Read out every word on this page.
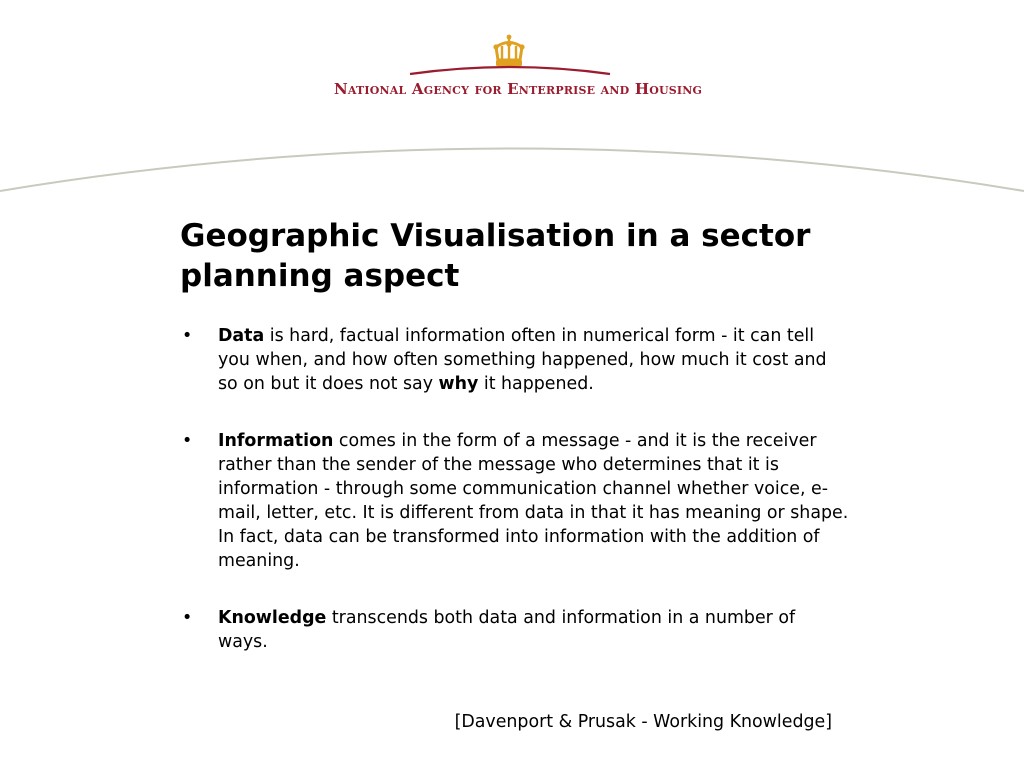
National Agency for Enterprise and Housing
Geographic Visualisation in a sector planning aspect
• Data is hard, factual information often in numerical form - it can tell you when, and how often something happened, how much it cost and so on but it does not say why it happened.
• Information comes in the form of a message - and it is the receiver rather than the sender of the message who determines that it is information - through some communication channel whether voice, e-mail, letter, etc. It is different from data in that it has meaning or shape. In fact, data can be transformed into information with the addition of meaning.
• Knowledge transcends both data and information in a number of ways.

[Davenport & Prusak - Working Knowledge]
